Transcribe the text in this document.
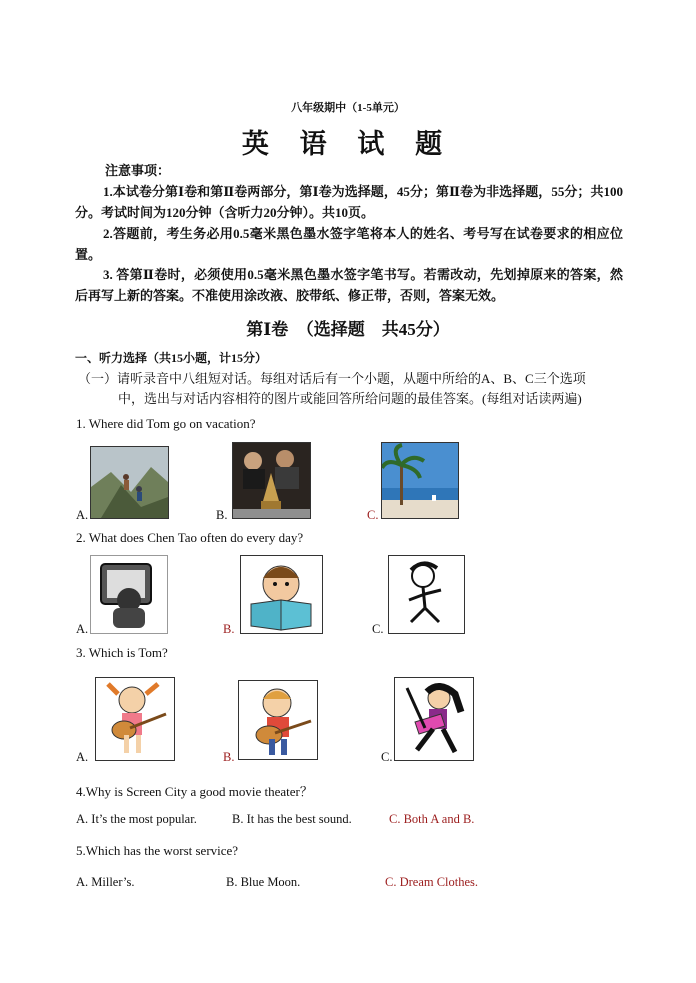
八年级期中（1-5单元）
英 语 试 题
注意事项：
1.本试卷分第Ⅰ卷和第Ⅱ卷两部分，第Ⅰ卷为选择题，45分；第Ⅱ卷为非选择题，55分；共100分。考试时间为120分钟（含听力20分钟）。共10页。
2.答题前，考生务必用0.5毫米黑色墨水签字笔将本人的姓名、考号写在试卷要求的相应位置。
3. 答第Ⅱ卷时，必须使用0.5毫米黑色墨水签字笔书写。若需改动，先划掉原来的答案，然后再写上新的答案。不准使用涂改液、胶带纸、修正带，否则，答案无效。
第Ⅰ卷　（选择题　共45分）
一、听力选择（共15小题，计15分）
（一）请听录音中八组短对话。每组对话后有一个小题，从题中所给的A、B、C三个选项
中，选出与对话内容相符的图片或能回答所给问题的最佳答案。(每组对话读两遍)
1. Where did Tom go on vacation?
A.	B.	C.
2. What does Chen Tao often do every day?
A.	B.	C.
3. Which is Tom?
A.	B.	C.
4.Why is Screen City a good movie theater？
A. It’s the most popular.	B. It has the best sound.	C. Both A and B.
5.Which has the worst service?
A. Miller’s.	B. Blue Moon.	C. Dream Clothes.
